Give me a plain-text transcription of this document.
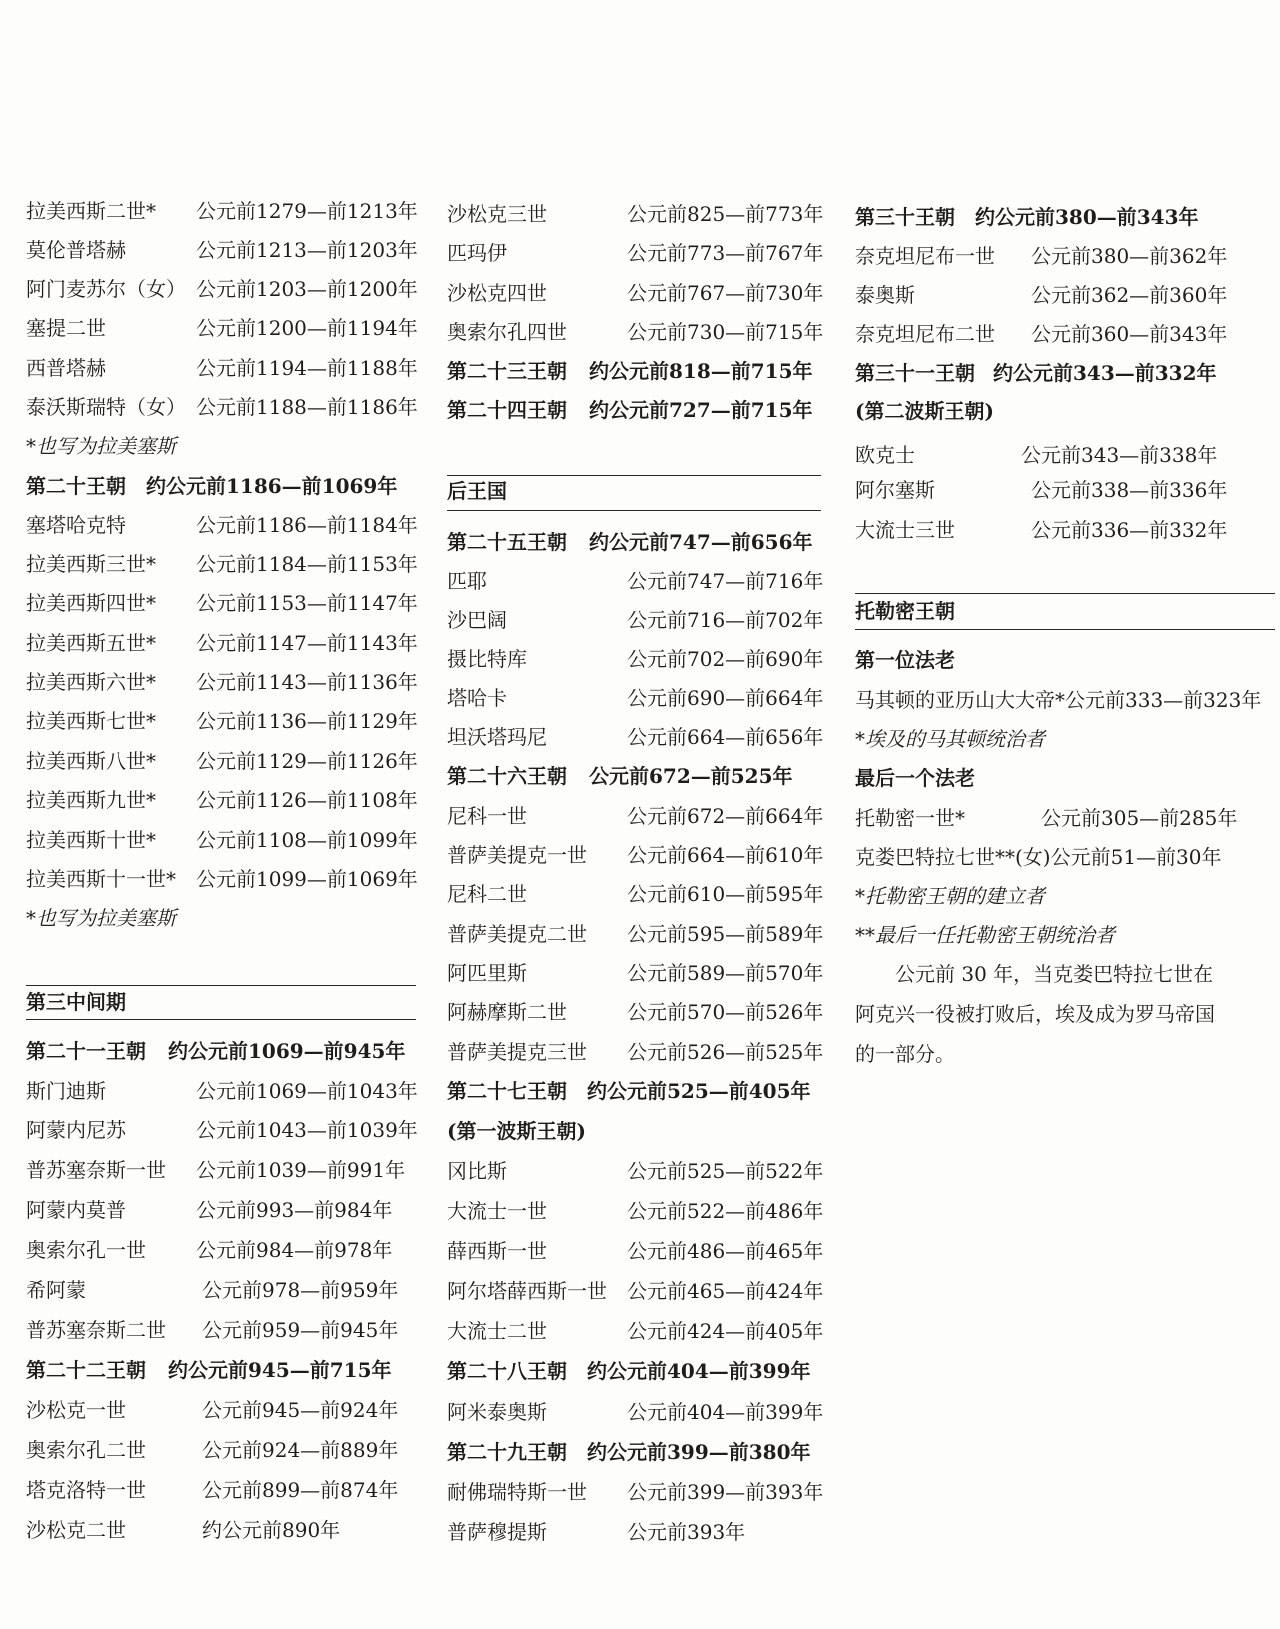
拉美西斯二世* 公元前1279—前1213年
莫伦普塔赫	公元前1213—前1203年
阿门麦苏尔（女） 公元前1203—前1200年
塞提二世	公元前1200—前1194年
西普塔赫	公元前1194—前1188年
泰沃斯瑞特（女） 公元前1188—前1186年
*也写为拉美塞斯
第二十王朝 约公元前1186—前1069年
塞塔哈克特	公元前1186—前1184年
拉美西斯三世* 公元前1184—前1153年
拉美西斯四世* 公元前1153—前1147年
拉美西斯五世* 公元前1147—前1143年
拉美西斯六世* 公元前1143—前1136年
拉美西斯七世* 公元前1136—前1129年
拉美西斯八世* 公元前1129—前1126年
拉美西斯九世* 公元前1126—前1108年
拉美西斯十世* 公元前1108—前1099年
拉美西斯十一世* 公元前1099—前1069年
*也写为拉美塞斯
第三中间期
第二十一王朝 约公元前1069—前945年
斯门迪斯	公元前1069—前1043年
阿蒙内尼苏	公元前1043—前1039年
普苏塞奈斯一世 公元前1039—前991年
阿蒙内莫普	公元前993—前984年
奥索尔孔一世	公元前984—前978年
希阿蒙	公元前978—前959年
普苏塞奈斯二世 公元前959—前945年
第二十二王朝 约公元前945—前715年
沙松克一世	公元前945—前924年
奥索尔孔二世	公元前924—前889年
塔克洛特一世	公元前899—前874年
沙松克二世	约公元前890年
沙松克三世	公元前825—前773年
匹玛伊	公元前773—前767年
沙松克四世	公元前767—前730年
奥索尔孔四世	公元前730—前715年
第二十三王朝 约公元前818—前715年
第二十四王朝 约公元前727—前715年
后王国
第二十五王朝 约公元前747—前656年
匹耶	公元前747—前716年
沙巴阔	公元前716—前702年
摄比特库	公元前702—前690年
塔哈卡	公元前690—前664年
坦沃塔玛尼	公元前664—前656年
第二十六王朝 公元前672—前525年
尼科一世	公元前672—前664年
普萨美提克一世 公元前664—前610年
尼科二世	公元前610—前595年
普萨美提克二世 公元前595—前589年
阿匹里斯	公元前589—前570年
阿赫摩斯二世	公元前570—前526年
普萨美提克三世 公元前526—前525年
第二十七王朝 约公元前525—前405年
(第一波斯王朝)
冈比斯	公元前525—前522年
大流士一世	公元前522—前486年
薛西斯一世	公元前486—前465年
阿尔塔薛西斯一世 公元前465—前424年
大流士二世	公元前424—前405年
第二十八王朝 约公元前404—前399年
阿米泰奥斯	公元前404—前399年
第二十九王朝 约公元前399—前380年
耐佛瑞特斯一世 公元前399—前393年
普萨穆提斯	公元前393年
第三十王朝 约公元前380—前343年
奈克坦尼布一世 公元前380—前362年
泰奥斯	公元前362—前360年
奈克坦尼布二世 公元前360—前343年
第三十一王朝 约公元前343—前332年
(第二波斯王朝)
欧克士	公元前343—前338年
阿尔塞斯	公元前338—前336年
大流士三世	公元前336—前332年
托勒密王朝
第一位法老
马其顿的亚历山大大帝*公元前333—前323年
*埃及的马其顿统治者
最后一个法老
托勒密一世*	公元前305—前285年
克娄巴特拉七世**(女)公元前51—前30年
*托勒密王朝的建立者
**最后一任托勒密王朝统治者
公元前 30 年，当克娄巴特拉七世在阿克兴一役被打败后，埃及成为罗马帝国的一部分。
